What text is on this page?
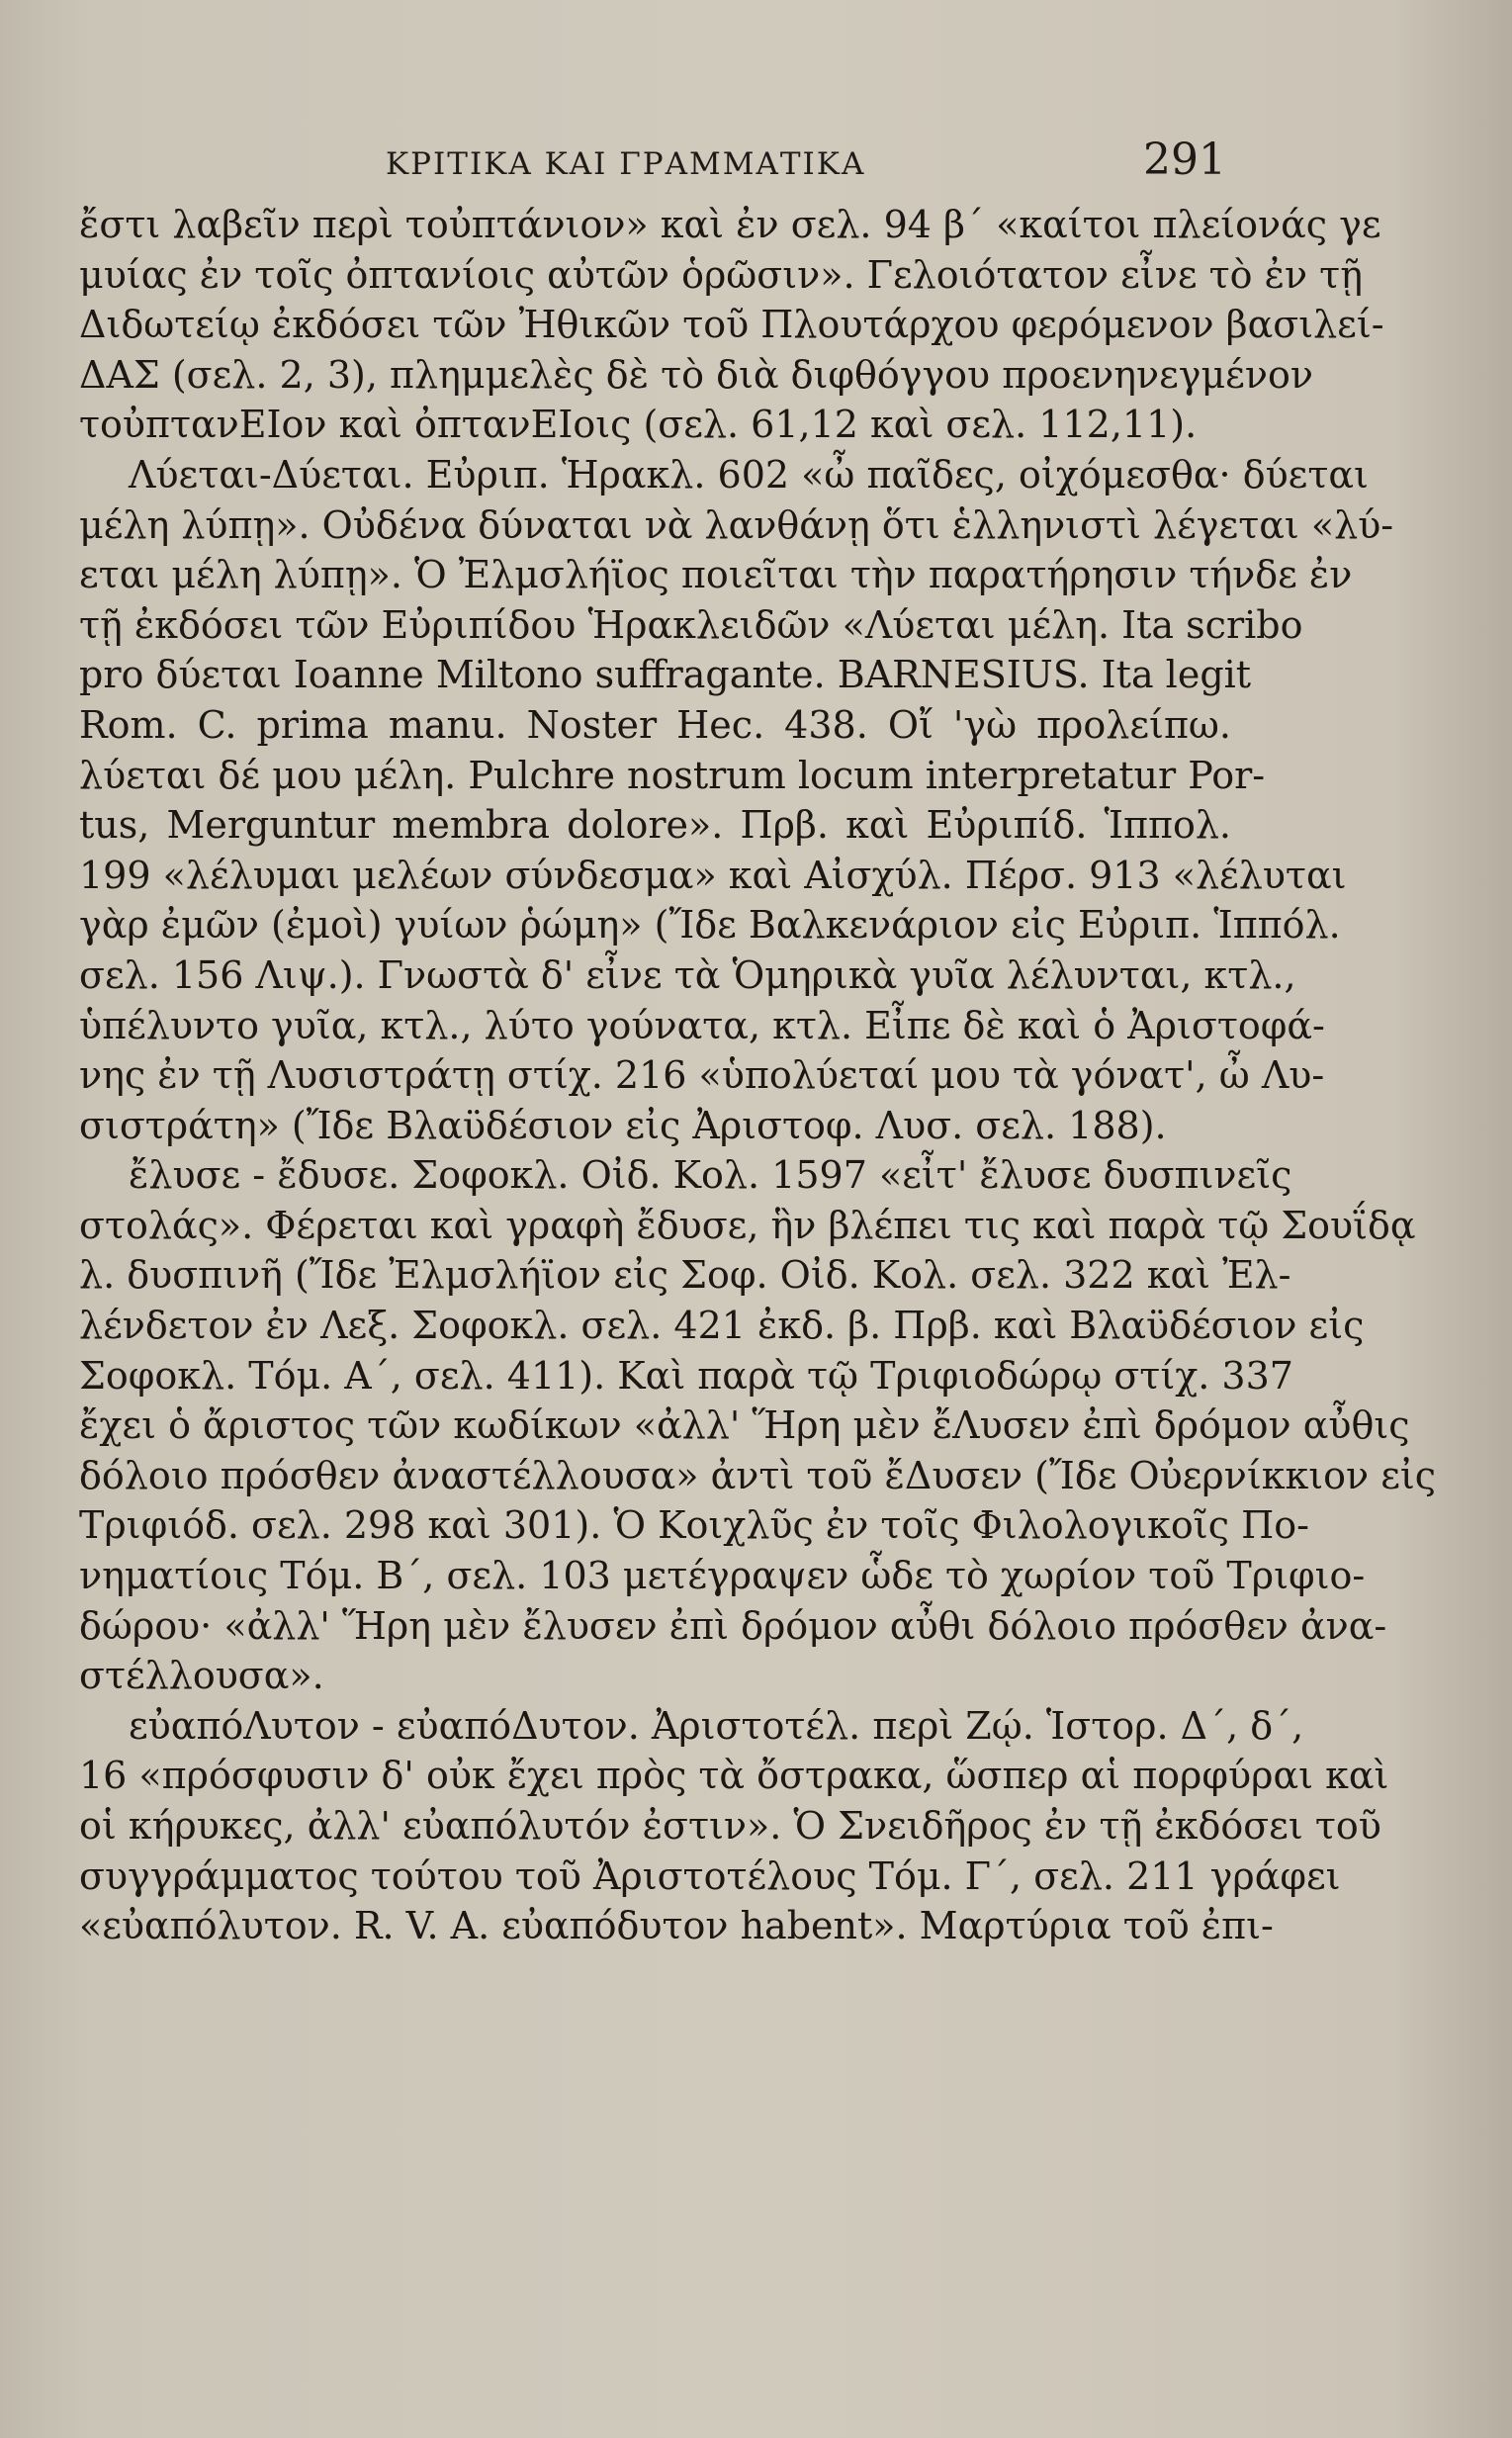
ΚΡΙΤΙΚΑ ΚΑΙ ΓΡΑΜΜΑΤΙΚΑ	291
ἔστι λαβεῖν περὶ τοὐπτάνιον» καὶ ἐν σελ. 94 β΄ «καίτοι πλείονάς γε
μυίας ἐν τοῖς ὀπτανίοις αὐτῶν ὁρῶσιν». Γελοιότατον εἶνε τὸ ἐν τῇ
Διδωτείῳ ἐκδόσει τῶν Ἠθικῶν τοῦ Πλουτάρχου φερόμενον βασιλεί-
ΔΑΣ (σελ. 2, 3), πλημμελὲς δὲ τὸ διὰ διφθόγγου προενηνεγμένον
τοὐπτανΕΙον καὶ ὀπτανΕΙοις (σελ. 61,12 καὶ σελ. 112,11).
Λύεται-Δύεται. Εὐριπ. Ἡρακλ. 602 «ὦ παῖδες, οἰχόμεσθα· δύεται
μέλη λύπῃ». Οὐδένα δύναται νὰ λανθάνῃ ὅτι ἑλληνιστὶ λέγεται «λύ-
εται μέλη λύπῃ». Ὁ Ἐλμσλήϊος ποιεῖται τὴν παρατήρησιν τήνδε ἐν
τῇ ἐκδόσει τῶν Εὐριπίδου Ἡρακλειδῶν «Λύεται μέλη. Ita scribo
pro δύεται Ioanne Miltono suffragante. BARNESIUS. Ita legit
Rom. C. prima manu. Noster Hec. 438. Οἴ 'γὼ προλείπω.
λύεται δέ μου μέλη. Pulchre nostrum locum interpretatur Por-
tus, Merguntur membra dolore». Πρβ. καὶ Εὐριπίδ. Ἱππολ.
199 «λέλυμαι μελέων σύνδεσμα» καὶ Αἰσχύλ. Πέρσ. 913 «λέλυται
γὰρ ἐμῶν (ἐμοὶ) γυίων ῥώμη» (Ἴδε Βαλκενάριον εἰς Εὐριπ. Ἱππόλ.
σελ. 156 Λιψ.). Γνωστὰ δ' εἶνε τὰ Ὁμηρικὰ γυῖα λέλυνται, κτλ.,
ὑπέλυντο γυῖα, κτλ., λύτο γούνατα, κτλ. Εἶπε δὲ καὶ ὁ Ἀριστοφά-
νης ἐν τῇ Λυσιστράτῃ στίχ. 216 «ὑπολύεταί μου τὰ γόνατ', ὦ Λυ-
σιστράτη» (Ἴδε Βλαϋδέσιον εἰς Ἀριστοφ. Λυσ. σελ. 188).
ἔλυσε - ἔδυσε. Σοφοκλ. Οἰδ. Κολ. 1597 «εἶτ' ἔλυσε δυσπινεῖς
στολάς». Φέρεται καὶ γραφὴ ἔδυσε, ἣν βλέπει τις καὶ παρὰ τῷ Σουΐδᾳ
λ. δυσπινῆ (Ἴδε Ἐλμσλήϊον εἰς Σοφ. Οἰδ. Κολ. σελ. 322 καὶ Ἐλ-
λένδετον ἐν Λεξ. Σοφοκλ. σελ. 421 ἐκδ. β. Πρβ. καὶ Βλαϋδέσιον εἰς
Σοφοκλ. Τόμ. Α΄, σελ. 411). Καὶ παρὰ τῷ Τριφιοδώρῳ στίχ. 337
ἔχει ὁ ἄριστος τῶν κωδίκων «ἀλλ' Ἥρη μὲν ἔΛυσεν ἐπὶ δρόμον αὖθις
δόλοιο πρόσθεν ἀναστέλλουσα» ἀντὶ τοῦ ἔΔυσεν (Ἴδε Οὐερνίκκιον εἰς
Τριφιόδ. σελ. 298 καὶ 301). Ὁ Κοιχλῦς ἐν τοῖς Φιλολογικοῖς Πο-
νηματίοις Τόμ. Β΄, σελ. 103 μετέγραψεν ὧδε τὸ χωρίον τοῦ Τριφιο-
δώρου· «ἀλλ' Ἥρη μὲν ἔλυσεν ἐπὶ δρόμον αὖθι δόλοιο πρόσθεν ἀνα-
στέλλουσα».
εὐαπόΛυτον - εὐαπόΔυτον. Ἀριστοτέλ. περὶ Ζῴ. Ἱστορ. Δ΄, δ΄,
16 «πρόσφυσιν δ' οὐκ ἔχει πρὸς τὰ ὄστρακα, ὥσπερ αἱ πορφύραι καὶ
οἱ κήρυκες, ἀλλ' εὐαπόλυτόν ἐστιν». Ὁ Σνειδῆρος ἐν τῇ ἐκδόσει τοῦ
συγγράμματος τούτου τοῦ Ἀριστοτέλους Τόμ. Γ΄, σελ. 211 γράφει
«εὐαπόλυτον. R. V. A. εὐαπόδυτον habent». Μαρτύρια τοῦ ἐπι-
